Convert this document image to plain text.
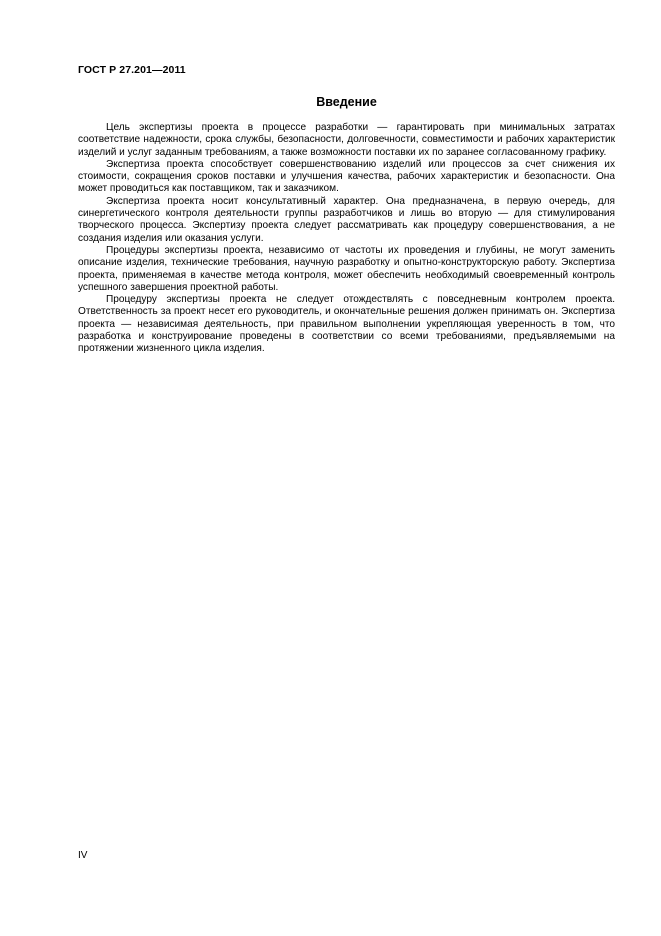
ГОСТ Р 27.201—2011
Введение

Цель экспертизы проекта в процессе разработки — гарантировать при минимальных затратах соответствие надежности, срока службы, безопасности, долговечности, совместимости и рабочих характеристик изделий и услуг заданным требованиям, а также возможности поставки их по заранее согласованному графику.

Экспертиза проекта способствует совершенствованию изделий или процессов за счет снижения их стоимости, сокращения сроков поставки и улучшения качества, рабочих характеристик и безопасности. Она может проводиться как поставщиком, так и заказчиком.

Экспертиза проекта носит консультативный характер. Она предназначена, в первую очередь, для синергетического контроля деятельности группы разработчиков и лишь во вторую — для стимулирования творческого процесса. Экспертизу проекта следует рассматривать как процедуру совершенствования, а не создания изделия или оказания услуги.

Процедуры экспертизы проекта, независимо от частоты их проведения и глубины, не могут заменить описание изделия, технические требования, научную разработку и опытно-конструкторскую работу. Экспертиза проекта, применяемая в качестве метода контроля, может обеспечить необходимый своевременный контроль успешного завершения проектной работы.

Процедуру экспертизы проекта не следует отождествлять с повседневным контролем проекта. Ответственность за проект несет его руководитель, и окончательные решения должен принимать он. Экспертиза проекта — независимая деятельность, при правильном выполнении укрепляющая уверенность в том, что разработка и конструирование проведены в соответствии со всеми требованиями, предъявляемыми на протяжении жизненного цикла изделия.

IV
